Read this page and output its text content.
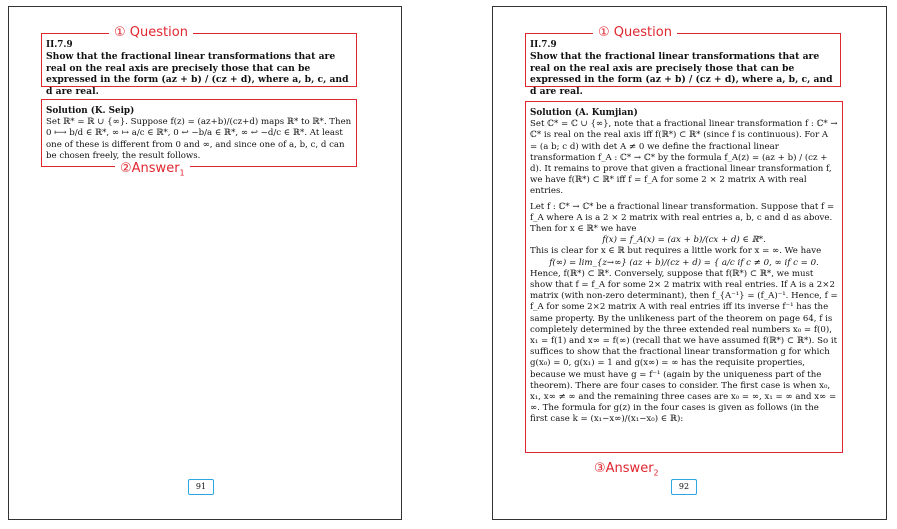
II.7.9

Show that the fractional linear transformations that are real on the real axis are precisely those that can be expressed in the form (az + b) / (cz + d), where a, b, c, and d are real.

① Question

Solution (K. Seip)

Set ℝ* = ℝ ∪ {∞}. Suppose f(z) = (az+b)/(cz+d) maps ℝ* to ℝ*. Then 0 ⟼ b/d ∈ ℝ*, ∞ ↦ a/c ∈ ℝ*, 0 ↩ −b/a ∈ ℝ*, ∞ ↩ −d/c ∈ ℝ*. At least one of these is different from 0 and ∞, and since one of a, b, c, d can be chosen freely, the result follows.

②Answer$_1$
91

II.7.9

Show that the fractional linear transformations that are real on the real axis are precisely those that can be expressed in the form (az + b) / (cz + d), where a, b, c, and d are real.

① Question

Solution (A. Kumjian)

Set ℂ* = ℂ ∪ {∞}, note that a fractional linear transformation f : ℂ* → ℂ* is real on the real axis iff f(ℝ*) ⊂ ℝ* (since f is continuous). For A = (a b; c d) with det A ≠ 0 we define the fractional linear transformation f_A : ℂ* → ℂ* by the formula f_A(z) = (az + b) / (cz + d). It remains to prove that given a fractional linear transformation f, we have f(ℝ*) ⊂ ℝ* iff f = f_A for some 2 × 2 matrix A with real entries.

Let f : ℂ* → ℂ* be a fractional linear transformation. Suppose that f = f_A where A is a 2 × 2 matrix with real entries a, b, c and d as above. Then for x ∈ ℝ* we have

f(x) = f_A(x) = (ax + b)/(cx + d) ∈ ℝ*.

This is clear for x ∈ ℝ but requires a little work for x = ∞. We have

f(∞) = lim_{z→∞} (az + b)/(cz + d) = { a/c if c ≠ 0, ∞ if c = 0.

Hence, f(ℝ*) ⊂ ℝ*. Conversely, suppose that f(ℝ*) ⊂ ℝ*, we must show that f = f_A for some 2× 2 matrix with real entries. If A is a 2×2 matrix (with non-zero determinant), then f_{A⁻¹} = (f_A)⁻¹. Hence, f = f_A for some 2×2 matrix A with real entries iff its inverse f⁻¹ has the same property. By the unlikeness part of the theorem on page 64, f is completely determined by the three extended real numbers x₀ = f(0), x₁ = f(1) and x∞ = f(∞) (recall that we have assumed f(ℝ*) ⊂ ℝ*). So it suffices to show that the fractional linear transformation g for which g(x₀) = 0, g(x₁) = 1 and g(x∞) = ∞ has the requisite properties, because we must have g = f⁻¹ (again by the uniqueness part of the theorem). There are four cases to consider. The first case is when x₀, x₁, x∞ ≠ ∞ and the remaining three cases are x₀ = ∞, x₁ = ∞ and x∞ = ∞. The formula for g(z) in the four cases is given as follows (in the first case k = (x₁−x∞)/(x₁−x₀) ∈ ℝ):

③Answer$_2$
92
